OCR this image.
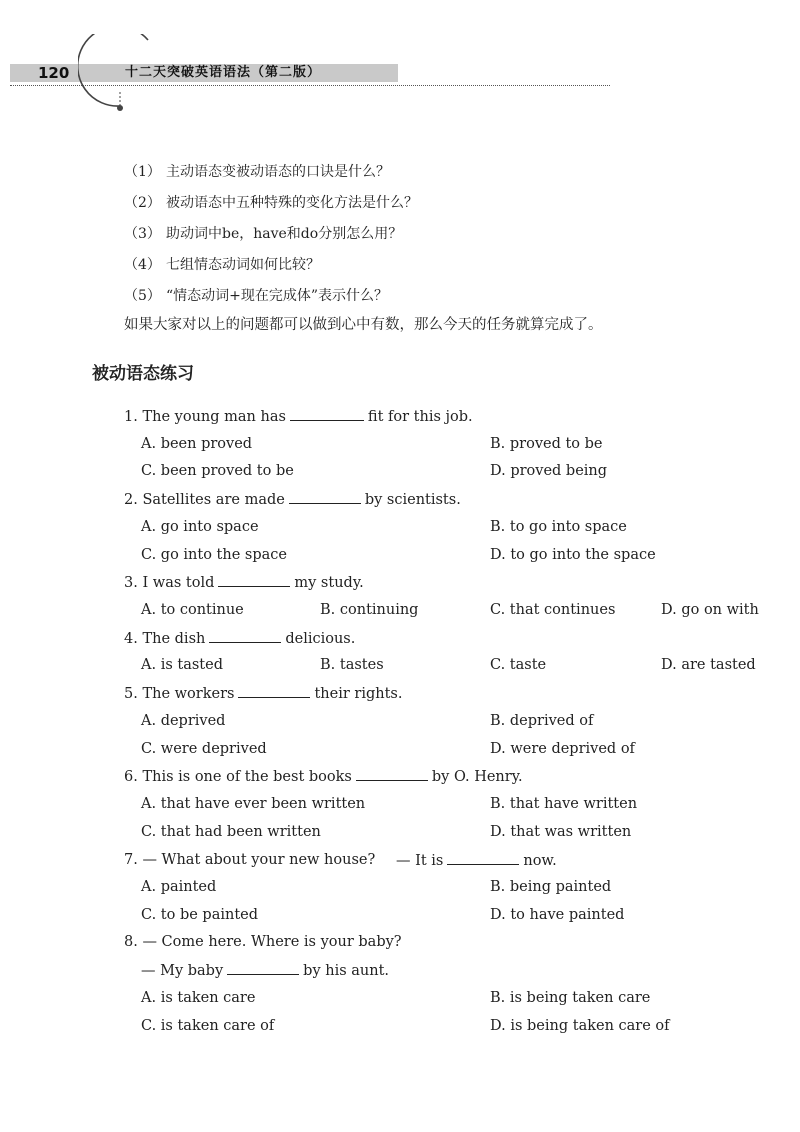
120	十二天突破英语语法（第二版）
（1） 主动语态变被动语态的口诀是什么？
（2） 被动语态中五种特殊的变化方法是什么？
（3） 助动词中be，have和do分别怎么用？
（4） 七组情态动词如何比较？
（5） “情态动词+现在完成体”表示什么？
如果大家对以上的问题都可以做到心中有数，那么今天的任务就算完成了。
被动语态练习
1. The young man has	fit for this job.
A. been proved	B. proved to be
C. been proved to be	D. proved being
2. Satellites are made	by scientists.
A. go into space	B. to go into space
C. go into the space	D. to go into the space
3. I was told	my study.
A. to continue	B. continuing	C. that continues	D. go on with
4. The dish	delicious.
A. is tasted	B. tastes	C. taste	D. are tasted
5. The workers	their rights.
A. deprived	B. deprived of
C. were deprived	D. were deprived of
6. This is one of the best books	by O. Henry.
A. that have ever been written	B. that have written
C. that had been written	D. that was written
7. — What about your new house? — It is	now.
A. painted	B. being painted
C. to be painted	D. to have painted
8. — Come here. Where is your baby?
— My baby	by his aunt.
A. is taken care	B. is being taken care
C. is taken care of	D. is being taken care of
